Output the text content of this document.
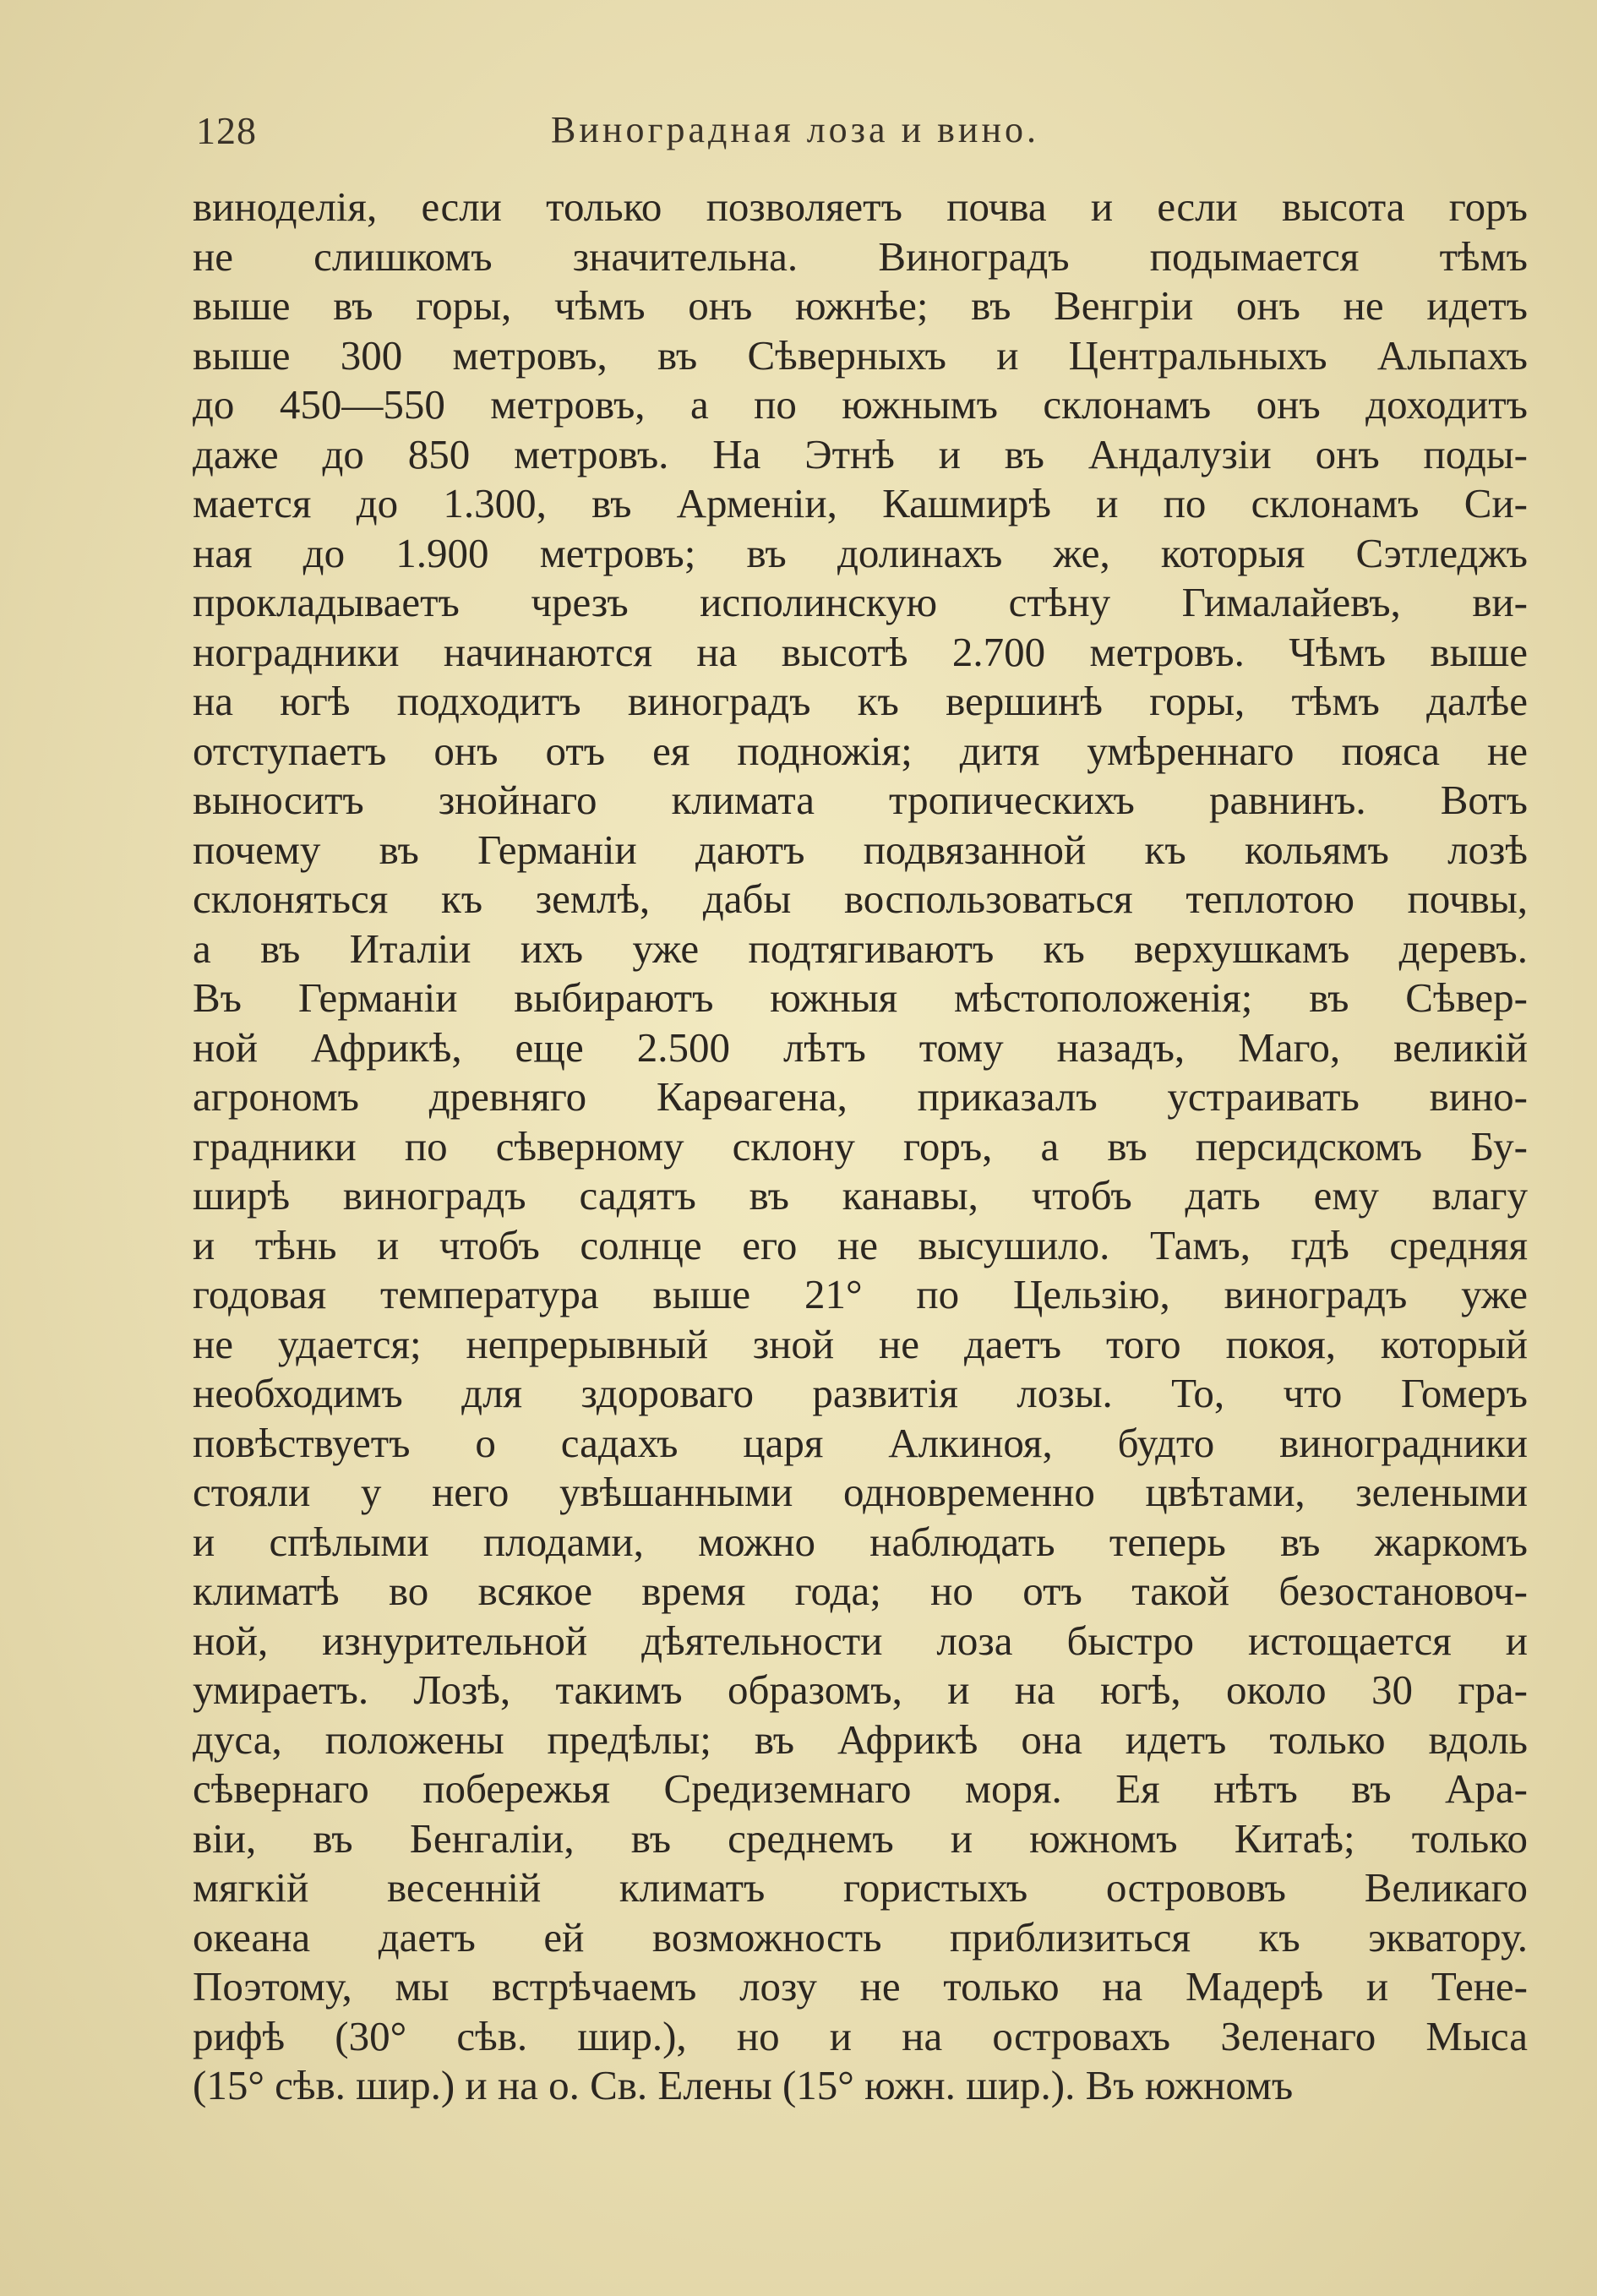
128	Виноградная лоза и вино.
виноделія, если только позволяетъ почва и если высота горъ
не слишкомъ значительна. Виноградъ подымается тѣмъ
выше въ горы, чѣмъ онъ южнѣе; въ Венгріи онъ не идетъ
выше 300 метровъ, въ Сѣверныхъ и Центральныхъ Альпахъ
до 450—550 метровъ, а по южнымъ склонамъ онъ доходитъ
даже до 850 метровъ. На Этнѣ и въ Андалузіи онъ поды-
мается до 1.300, въ Арменіи, Кашмирѣ и по склонамъ Си-
ная до 1.900 метровъ; въ долинахъ же, которыя Сэтледжъ
прокладываетъ чрезъ исполинскую стѣну Гималайевъ, ви-
ноградники начинаются на высотѣ 2.700 метровъ. Чѣмъ выше
на югѣ подходитъ виноградъ къ вершинѣ горы, тѣмъ далѣе
отступаетъ онъ отъ ея подножія; дитя умѣреннаго пояса не
выноситъ знойнаго климата тропическихъ равнинъ. Вотъ
почему въ Германіи даютъ подвязанной къ кольямъ лозѣ
склоняться къ землѣ, дабы воспользоваться теплотою почвы,
а въ Италіи ихъ уже подтягиваютъ къ верхушкамъ деревъ.
Въ Германіи выбираютъ южныя мѣстоположенія; въ Сѣвер-
ной Африкѣ, еще 2.500 лѣтъ тому назадъ, Маго, великій
агрономъ древняго Карѳагена, приказалъ устраивать вино-
градники по сѣверному склону горъ, а въ персидскомъ Бу-
ширѣ виноградъ садятъ въ канавы, чтобъ дать ему влагу
и тѣнь и чтобъ солнце его не высушило. Тамъ, гдѣ средняя
годовая температура выше 21° по Цельзію, виноградъ уже
не удается; непрерывный зной не даетъ того покоя, который
необходимъ для здороваго развитія лозы. То, что Гомеръ
повѣствуетъ о садахъ царя Алкиноя, будто виноградники
стояли у него увѣшанными одновременно цвѣтами, зелеными
и спѣлыми плодами, можно наблюдать теперь въ жаркомъ
климатѣ во всякое время года; но отъ такой безостановоч-
ной, изнурительной дѣятельности лоза быстро истощается и
умираетъ. Лозѣ, такимъ образомъ, и на югѣ, около 30 гра-
дуса, положены предѣлы; въ Африкѣ она идетъ только вдоль
сѣвернаго побережья Средиземнаго моря. Ея нѣтъ въ Ара-
віи, въ Бенгаліи, въ среднемъ и южномъ Китаѣ; только
мягкій весенній климатъ гористыхъ острововъ Великаго
океана даетъ ей возможность приблизиться къ экватору.
Поэтому, мы встрѣчаемъ лозу не только на Мадерѣ и Тене-
рифѣ (30° сѣв. шир.), но и на островахъ Зеленаго Мыса
(15° сѣв. шир.) и на о. Св. Елены (15° южн. шир.). Въ южномъ
